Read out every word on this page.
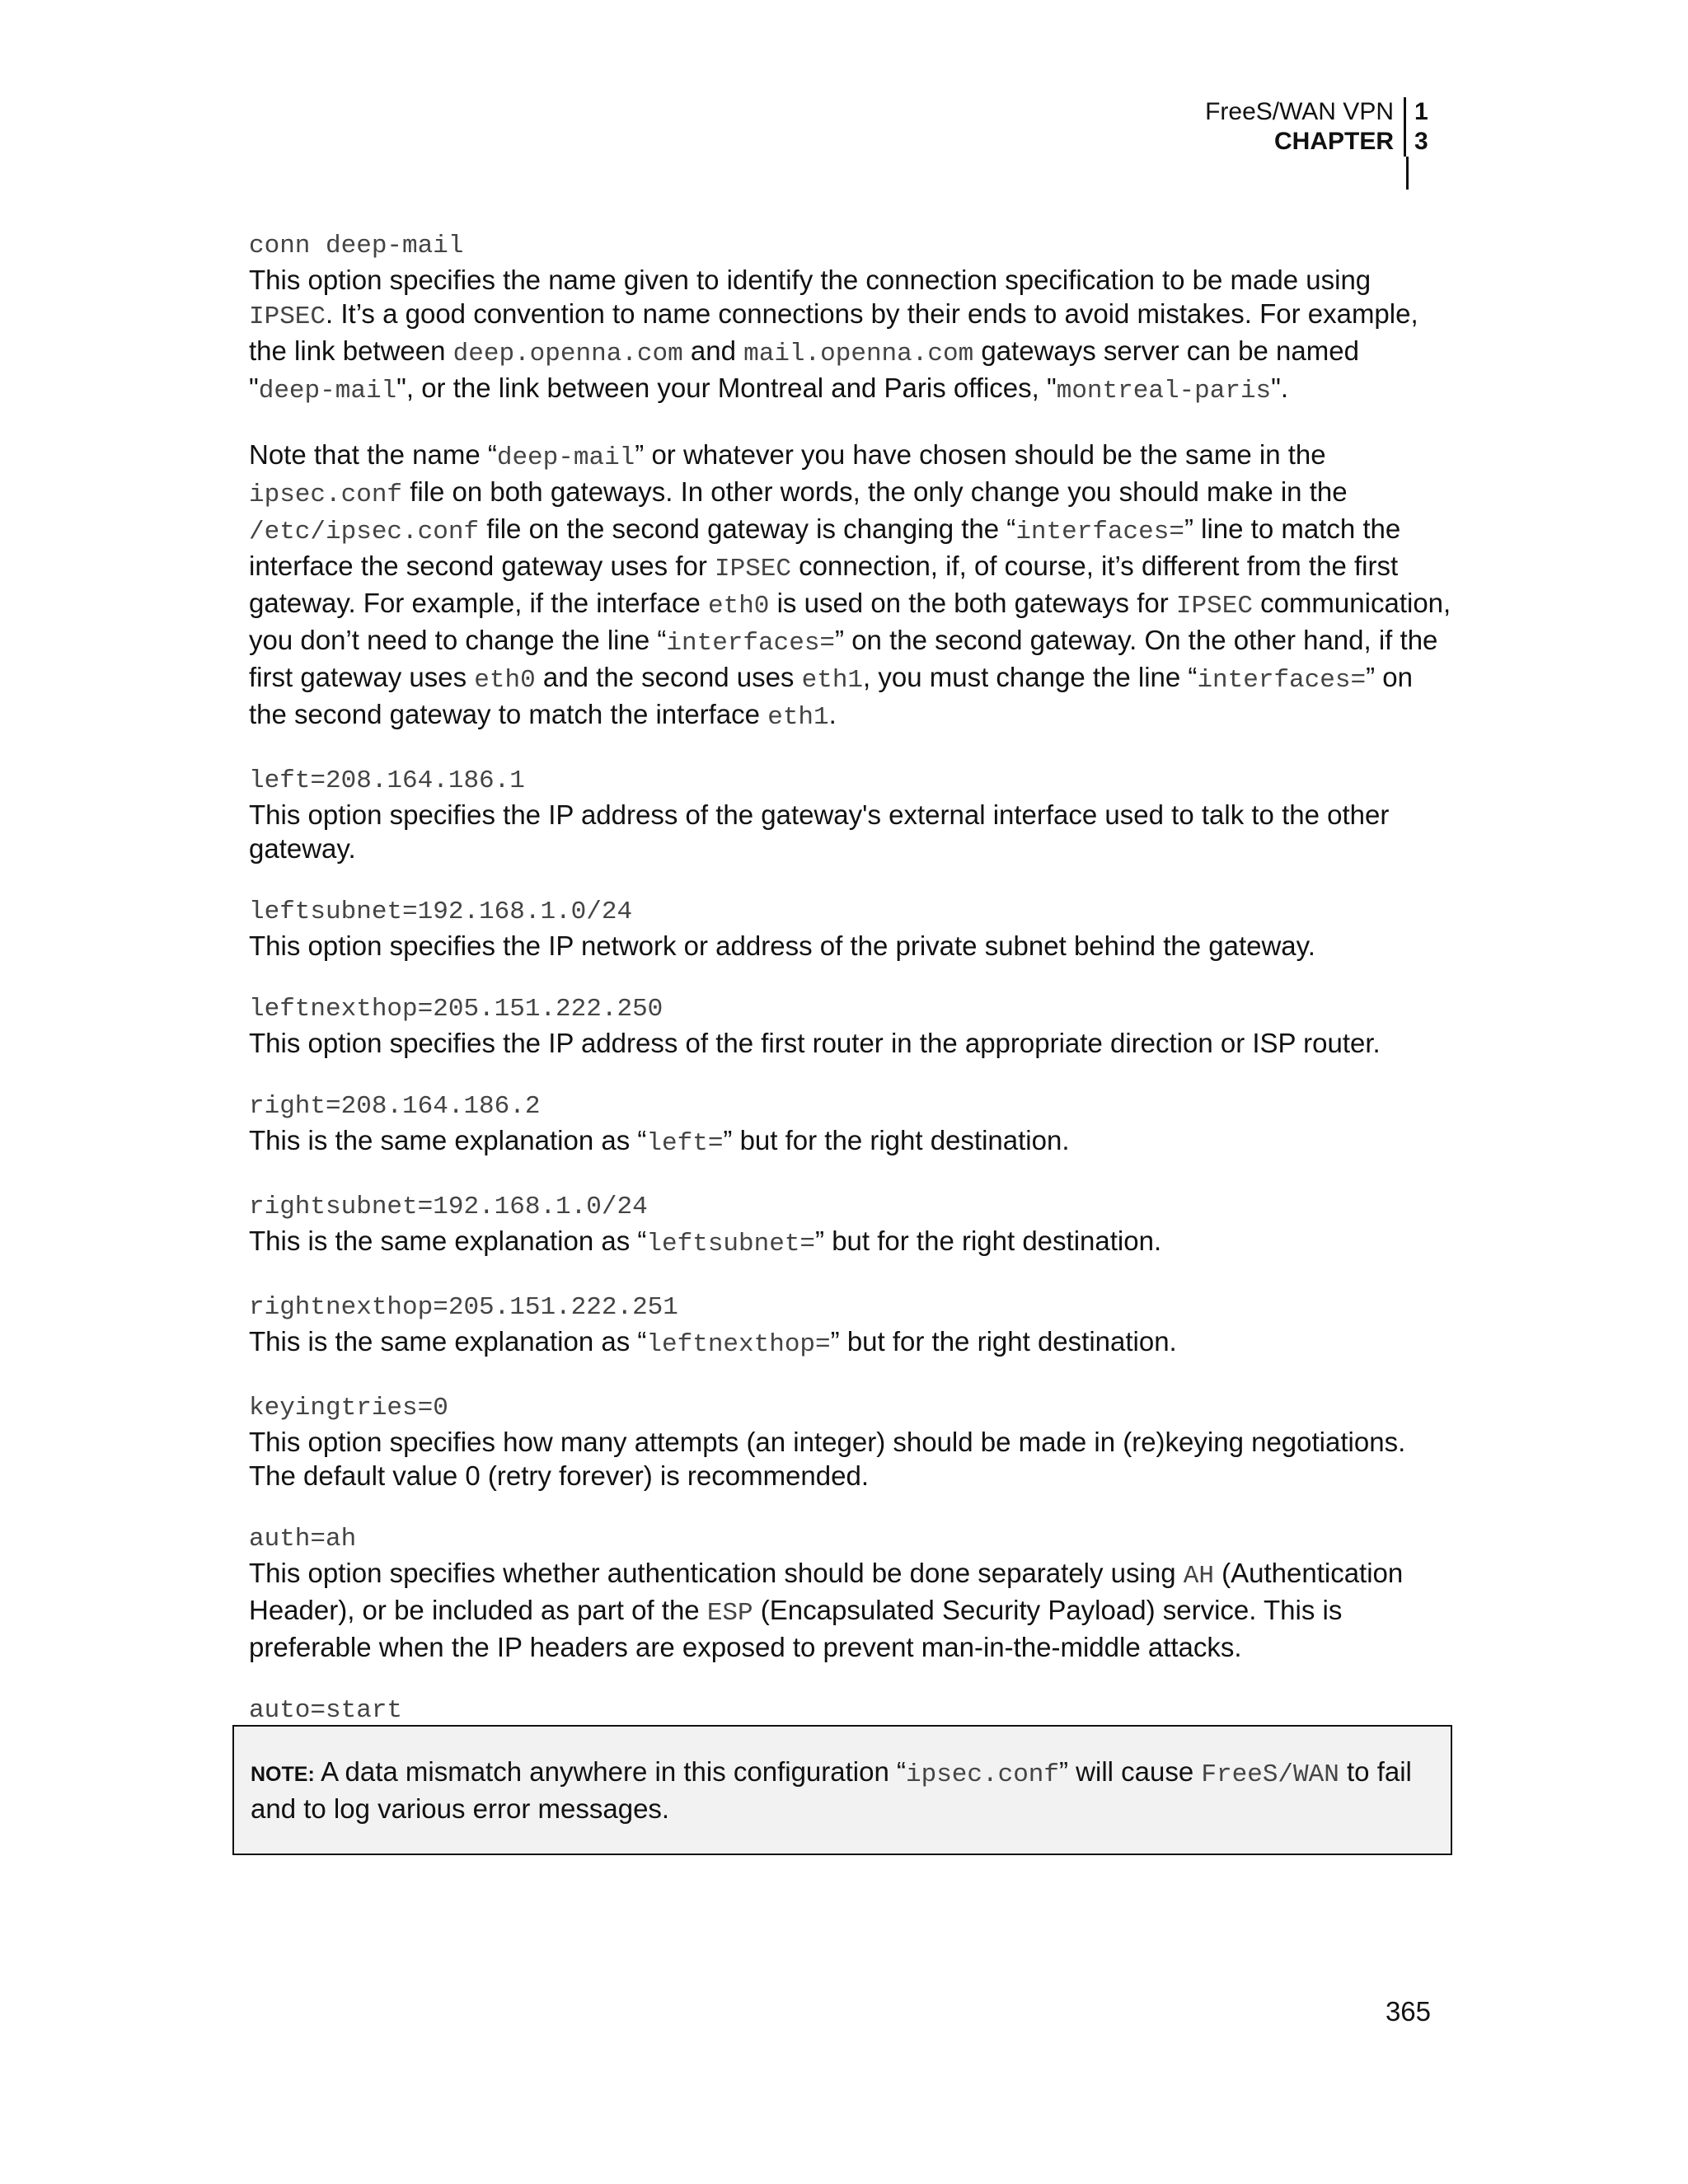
FreeS/WAN VPN 1
CHAPTER 3
conn deep-mail

This option specifies the name given to identify the connection specification to be made using IPSEC. It’s a good convention to name connections by their ends to avoid mistakes. For example, the link between deep.openna.com and mail.openna.com gateways server can be named "deep-mail", or the link between your Montreal and Paris offices, "montreal-paris".

Note that the name “deep-mail” or whatever you have chosen should be the same in the ipsec.conf file on both gateways. In other words, the only change you should make in the /etc/ipsec.conf file on the second gateway is changing the “interfaces=” line to match the interface the second gateway uses for IPSEC connection, if, of course, it’s different from the first gateway. For example, if the interface eth0 is used on the both gateways for IPSEC communication, you don’t need to change the line “interfaces=” on the second gateway. On the other hand, if the first gateway uses eth0 and the second uses eth1, you must change the line “interfaces=” on the second gateway to match the interface eth1.

left=208.164.186.1

This option specifies the IP address of the gateway's external interface used to talk to the other gateway.

leftsubnet=192.168.1.0/24

This option specifies the IP network or address of the private subnet behind the gateway.

leftnexthop=205.151.222.250

This option specifies the IP address of the first router in the appropriate direction or ISP router.

right=208.164.186.2

This is the same explanation as “left=” but for the right destination.

rightsubnet=192.168.1.0/24

This is the same explanation as “leftsubnet=” but for the right destination.

rightnexthop=205.151.222.251

This is the same explanation as “leftnexthop=” but for the right destination.

keyingtries=0

This option specifies how many attempts (an integer) should be made in (re)keying negotiations. The default value 0 (retry forever) is recommended.

auth=ah

This option specifies whether authentication should be done separately using AH (Authentication Header), or be included as part of the ESP (Encapsulated Security Payload) service. This is preferable when the IP headers are exposed to prevent man-in-the-middle attacks.

auto=start

NOTE: A data mismatch anywhere in this configuration “ipsec.conf” will cause FreeS/WAN to fail and to log various error messages.
365
